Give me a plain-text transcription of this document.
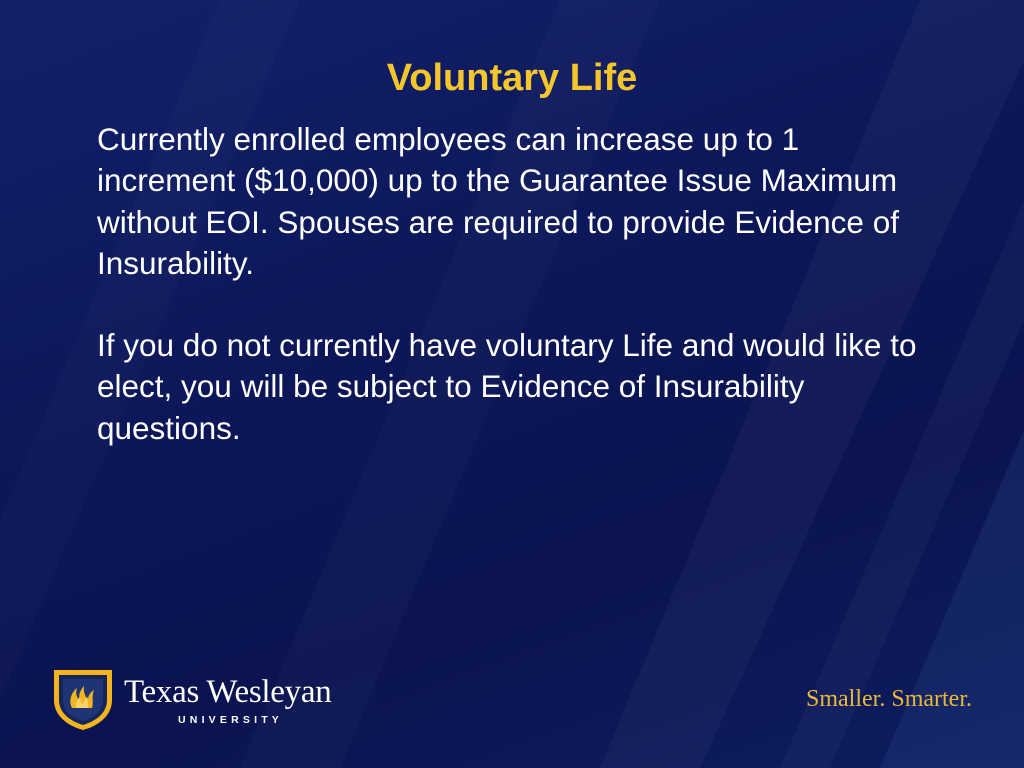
Voluntary Life

Currently enrolled employees can increase up to 1 increment ($10,000) up to the Guarantee Issue Maximum without EOI. Spouses are required to provide Evidence of Insurability.

If you do not currently have voluntary Life and would like to elect, you will be subject to Evidence of Insurability questions.

Texas Wesleyan
UNIVERSITY
Smaller. Smarter.
